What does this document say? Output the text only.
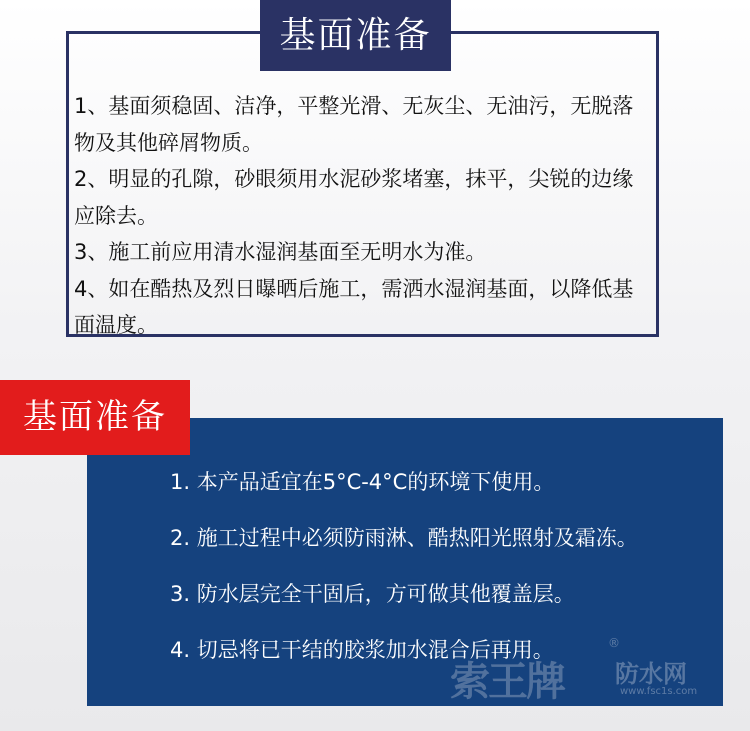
基面准备

1、基面须稳固、洁净，平整光滑、无灰尘、无油污，无脱落物及其他碎屑物质。

2、明显的孔隙，砂眼须用水泥砂浆堵塞，抹平，尖锐的边缘应除去。

3、施工前应用清水湿润基面至无明水为准。

4、如在酷热及烈日曝晒后施工，需洒水湿润基面，以降低基面温度。

基面准备
1. 本产品适宜在5°C-4°C的环境下使用。
2. 施工过程中必须防雨淋、酷热阳光照射及霜冻。
3. 防水层完全干固后，方可做其他覆盖层。
4. 切忌将已干结的胶浆加水混合后再用。
索王牌
®
防水网
www.fsc1s.com
